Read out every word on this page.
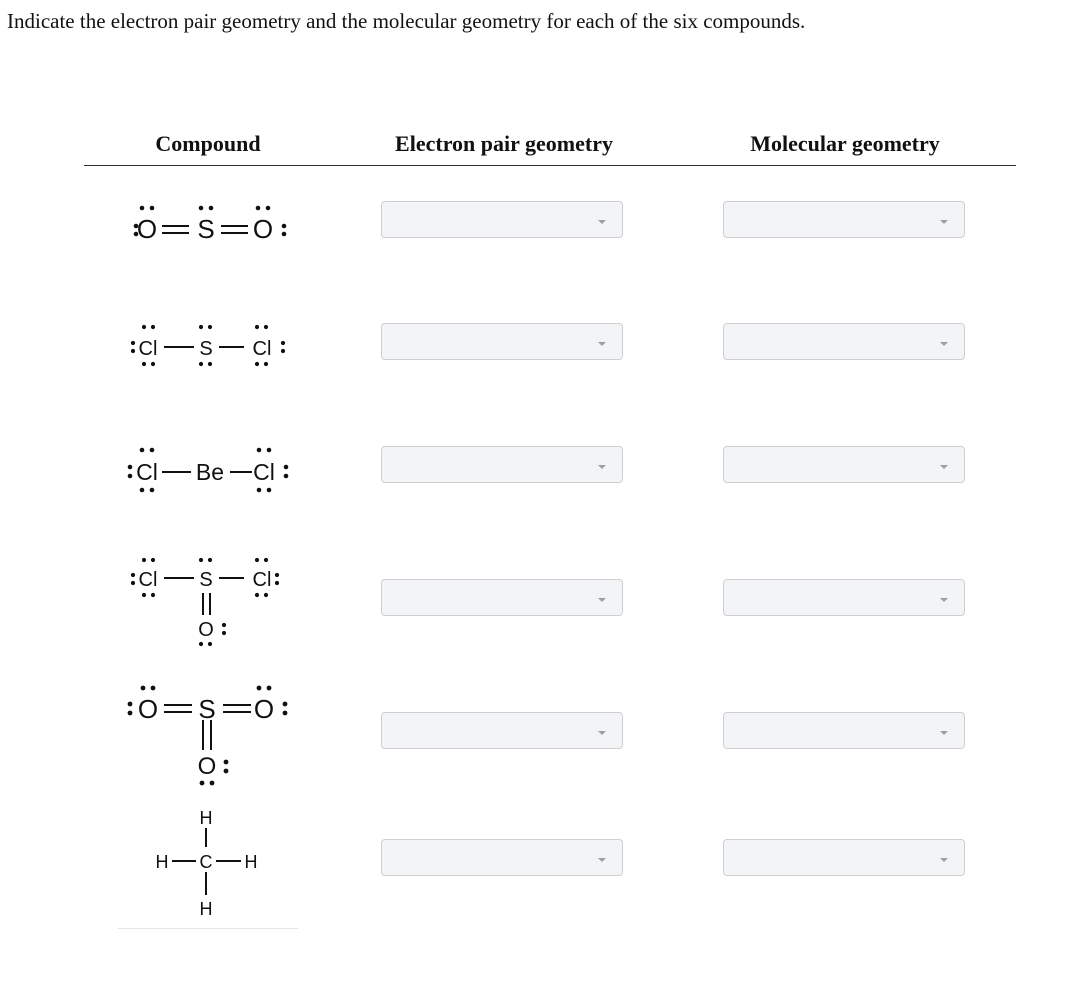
Indicate the electron pair geometry and the molecular geometry for each of the six compounds.
Compound	Electron pair geometry	Molecular geometry
O S O
Cl S Cl
Cl Be Cl
Cl S Cl
O
O S O
O
H
H C H
H
